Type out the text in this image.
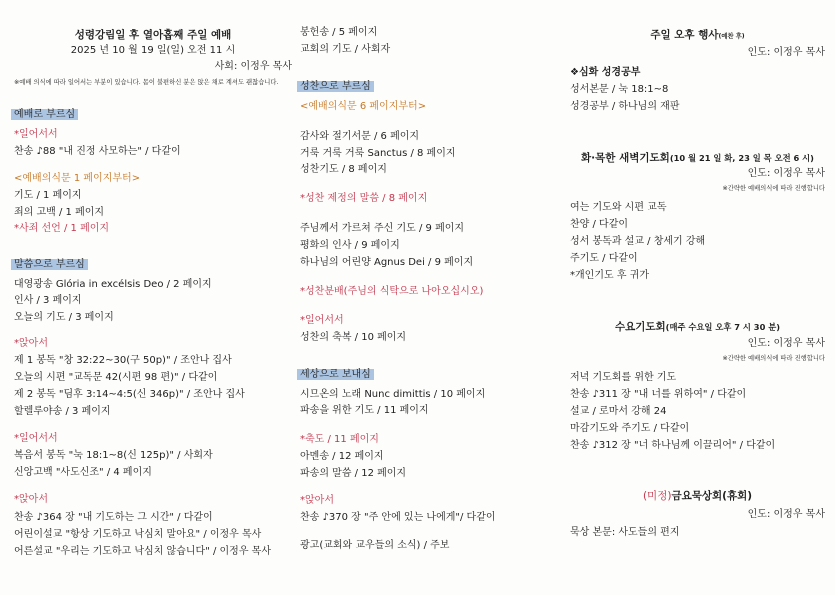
성령강림일 후 열아홉째 주일 예배
2025 년 10 월 19 일(일) 오전 11 시
사회: 이정우 목사
※예배 의식에 따라 일어서는 부분이 있습니다. 몸이 불편하신 분은 앉은 채로 계셔도 괜찮습니다.
예배로 부르심
*일어서서
찬송 ♪88 "내 진정 사모하는" / 다같이
<예배의식문 1 페이지부터>
기도 / 1 페이지
죄의 고백 / 1 페이지
*사죄 선언 / 1 페이지
말씀으로 부르심
대영광송 Glória in excélsis Deo / 2 페이지
인사 / 3 페이지
오늘의 기도 / 3 페이지
*앉아서
제 1 봉독 "창 32:22~30(구 50p)" / 조안나 집사
오늘의 시편 "교독문 42(시편 98 편)" / 다같이
제 2 봉독 "딤후 3:14~4:5(신 346p)" / 조안나 집사
할렐루야송 / 3 페이지
*일어서서
복음서 봉독 "눅 18:1~8(신 125p)" / 사회자
신앙고백 "사도신조" / 4 페이지
*앉아서
찬송 ♪364 장 "내 기도하는 그 시간" / 다같이
어린이설교 "항상 기도하고 낙심치 말아요" / 이정우 목사
어른설교 "우리는 기도하고 낙심치 않습니다" / 이정우 목사
봉헌송 / 5 페이지
교회의 기도 / 사회자
성찬으로 부르심
<예배의식문 6 페이지부터>
감사와 절기서문 / 6 페이지
거룩 거룩 거룩 Sanctus / 8 페이지
성찬기도 / 8 페이지
*성찬 제정의 말씀 / 8 페이지
주님께서 가르쳐 주신 기도 / 9 페이지
평화의 인사 / 9 페이지
하나님의 어린양 Agnus Dei / 9 페이지
*성찬분배(주님의 식탁으로 나아오십시오)
*일어서서
성찬의 축복 / 10 페이지
세상으로 보내심
시므온의 노래 Nunc dimittis / 10 페이지
파송을 위한 기도 / 11 페이지
*축도 / 11 페이지
아멘송 / 12 페이지
파송의 말씀 / 12 페이지
*앉아서
찬송 ♪370 장 "주 안에 있는 나에게"/ 다같이
광고(교회와 교우들의 소식) / 주보
주일 오후 행사(예찬 후)
인도: 이정우 목사
❖심화 성경공부
성서본문 / 눅 18:1~8
성경공부 / 하나님의 재판
화·목한 새벽기도회(10 월 21 일 화, 23 일 목 오전 6 시)
인도: 이정우 목사
※간략한 예배의식에 따라 진행합니다
여는 기도와 시편 교독
찬양 / 다같이
성서 봉독과 설교 / 창세기 강해
주기도 / 다같이
*개인기도 후 귀가
수요기도회(매주 수요일 오후 7 시 30 분)
인도: 이정우 목사
※간략한 예배의식에 따라 진행합니다
저녁 기도회를 위한 기도
찬송 ♪311 장 "내 너를 위하여" / 다같이
설교 / 로마서 강해 24
마감기도와 주기도 / 다같이
찬송 ♪312 장 "너 하나님께 이끌리어" / 다같이
(미정)금요묵상회(휴회)
인도: 이정우 목사
묵상 본문: 사도들의 편지
